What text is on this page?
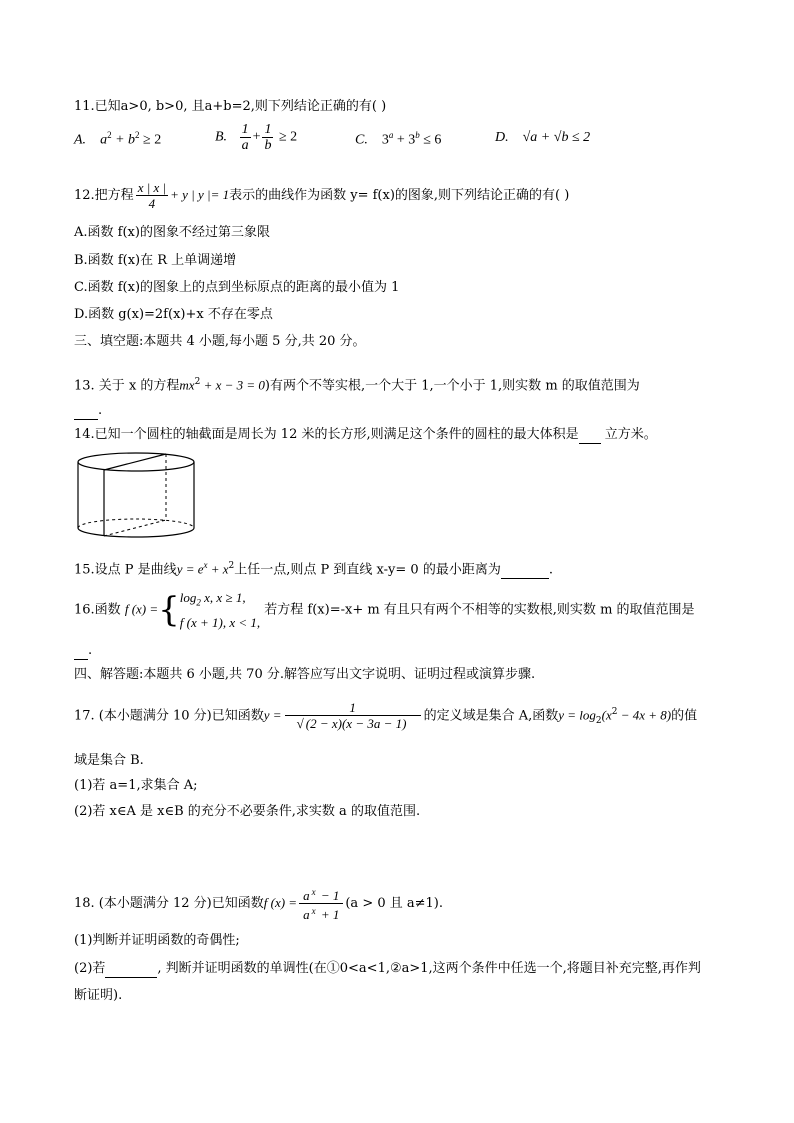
11.已知a>0, b>0, 且a+b=2,则下列结论正确的有( )
A. $a^2 + b^2 \ge 2$	B. $\frac{1}{a} + \frac{1}{b} \ge 2$	C. $3^a + 3^b \le 6$	D. √a + √b ≤ 2
12.把方程 $\frac{x | x |}{4} + y$ | y |= 1表示的曲线作为函数 y= f(x)的图象,则下列结论正确的有( )
A.函数 f(x)的图象不经过第三象限
B.函数 f(x)在 R 上单调递增
C.函数 f(x)的图象上的点到坐标原点的距离的最小值为 1
D.函数 g(x)=2f(x)+x 不存在零点
三、填空题:本题共 4 小题,每小题 5 分,共 20 分。
13. 关于 x 的方程$mx^2 + x - 3 = 0$)有两个不等实根,一个大于 1,一个小于 1,则实数 m 的取值范围为
.
14.已知一个圆柱的轴截面是周长为 12 米的长方形,则满足这个条件的圆柱的最大体积是 立方米。
15.设点 P 是曲线$y = e^x + x^2$上任一点,则点 P 到直线 x-y= 0 的最小距离为	.
16.函数 f (x) ={ $\log_2 x$, x ≥ 1,
f (x + 1), x < 1,
若方程 f(x)=-x+ m 有且只有两个不相等的实数根,则实数 m 的取值范围是
.
四、解答题:本题共 6 小题,共 70 分.解答应写出文字说明、证明过程或演算步骤.
17. (本小题满分 10 分)已知函数$y = \frac{1}{√ (2 - x)(x - 3a - 1)}$ 的定义域是集合 A,函数$y = \log_2(x^2 - 4x + 8)$的值
域是集合 B.
(1)若 a=1,求集合 A;
(2)若 x∈A 是 x∈B 的充分不必要条件,求实数 a 的取值范围.
18. (本小题满分 12 分)已知函数f $(x) = \frac{a ^x - 1}{a ^x + 1} (a > 0$ 且 a≠1).
(1)判断并证明函数的奇偶性;
(2)若	, 判断并证明函数的单调性(在①0<a<1,②a>1,这两个条件中任选一个,将题目补充完整,再作判
断证明).
